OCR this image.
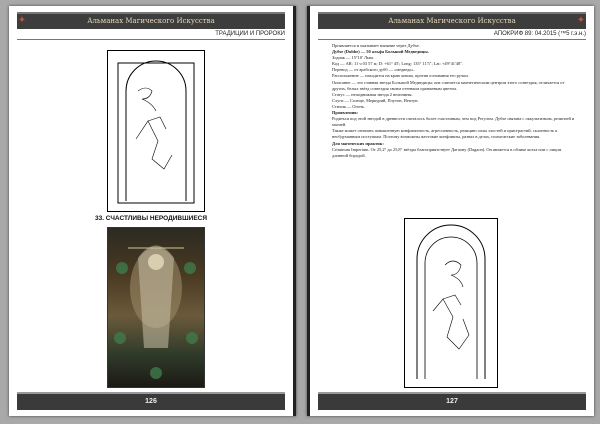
✦	Альманах Магического Искусства
ТРАДИЦИИ И ПРОРОКИ
33. СЧАСТЛИВЫ НЕРОДИВШИЕСЯ
126
Альманах Магического Искусства	✦
АПОКРИФ 89: 04.2015 (™5 г.э.н.)

Проявляется и оказывает влияние через Дубхе.

Дубхе (Dubhe) — 50 альфа Большой Медведицы.

Зодиак — 15°10' Льва.

Код — AR: 11 ч 03 57 м; D: +61° 45'; Long: 135° 11'5"; Lat: +49°41'48".

Перевод — от арабского дубб — «медведь».

Расположение — находится на краю ковша, против основания его ручки.

Описание — это главная звезда Большой Медведицы; она считается магнетическим центром этого созвездия, отличается от других, белых звёзд созвездия своим оттенком оранжевым цветом.

Статус — неподвижная звезда 2 величины.

Слуги — Солнце, Меркурий, Плутон, Нептун.

Стихия — Огонь.

Проявления:

Родиться под этой звездой в древности считалось более счастливым, чем под Регулом. Дубхе связана с оккультизмом, религией и магией.

Также может означать повышенную конфликтность, агрессивность, реакцию силы злостей и пристрастий, склонность к необдуманным поступкам. Поэтому возможны жестокие конфликты, развал в делах, психические заболевания.

Для магических практик:

Criminum Imperium. От 25,2° до 25,8° звёзды благоприятствует Дагаону (Dagaon). Он является в облике козла или с лицом длинной бородой.

127
